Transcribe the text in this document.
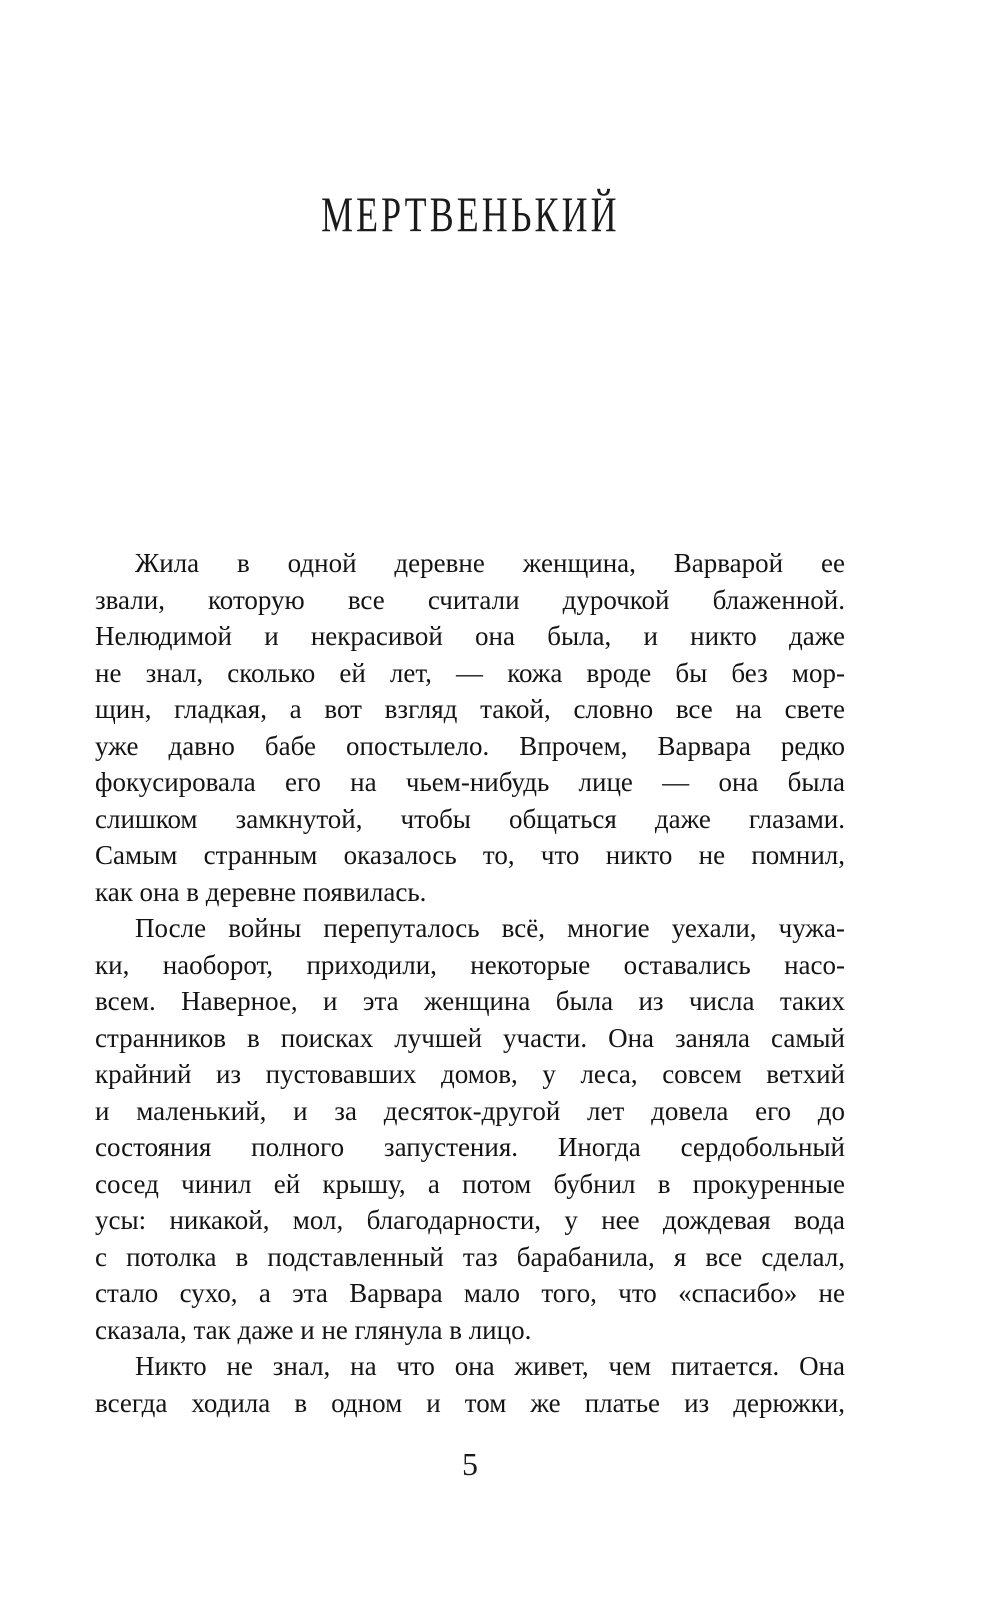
МЕРТВЕНЬКИЙ
Жила в одной деревне женщина, Варварой ее
звали, которую все считали дурочкой блаженной.
Нелюдимой и некрасивой она была, и никто даже
не знал, сколько ей лет, — кожа вроде бы без мор-
щин, гладкая, а вот взгляд такой, словно все на свете
уже давно бабе опостылело. Впрочем, Варвара редко
фокусировала его на чьем-нибудь лице — она была
слишком замкнутой, чтобы общаться даже глазами.
Самым странным оказалось то, что никто не помнил,
как она в деревне появилась.
После войны перепуталось всё, многие уехали, чужа-
ки, наоборот, приходили, некоторые оставались насо-
всем. Наверное, и эта женщина была из числа таких
странников в поисках лучшей участи. Она заняла самый
крайний из пустовавших домов, у леса, совсем ветхий
и маленький, и за десяток-другой лет довела его до
состояния полного запустения. Иногда сердобольный
сосед чинил ей крышу, а потом бубнил в прокуренные
усы: никакой, мол, благодарности, у нее дождевая вода
с потолка в подставленный таз барабанила, я все сделал,
стало сухо, а эта Варвара мало того, что «спасибо» не
сказала, так даже и не глянула в лицо.
Никто не знал, на что она живет, чем питается. Она
всегда ходила в одном и том же платье из дерюжки,
5
